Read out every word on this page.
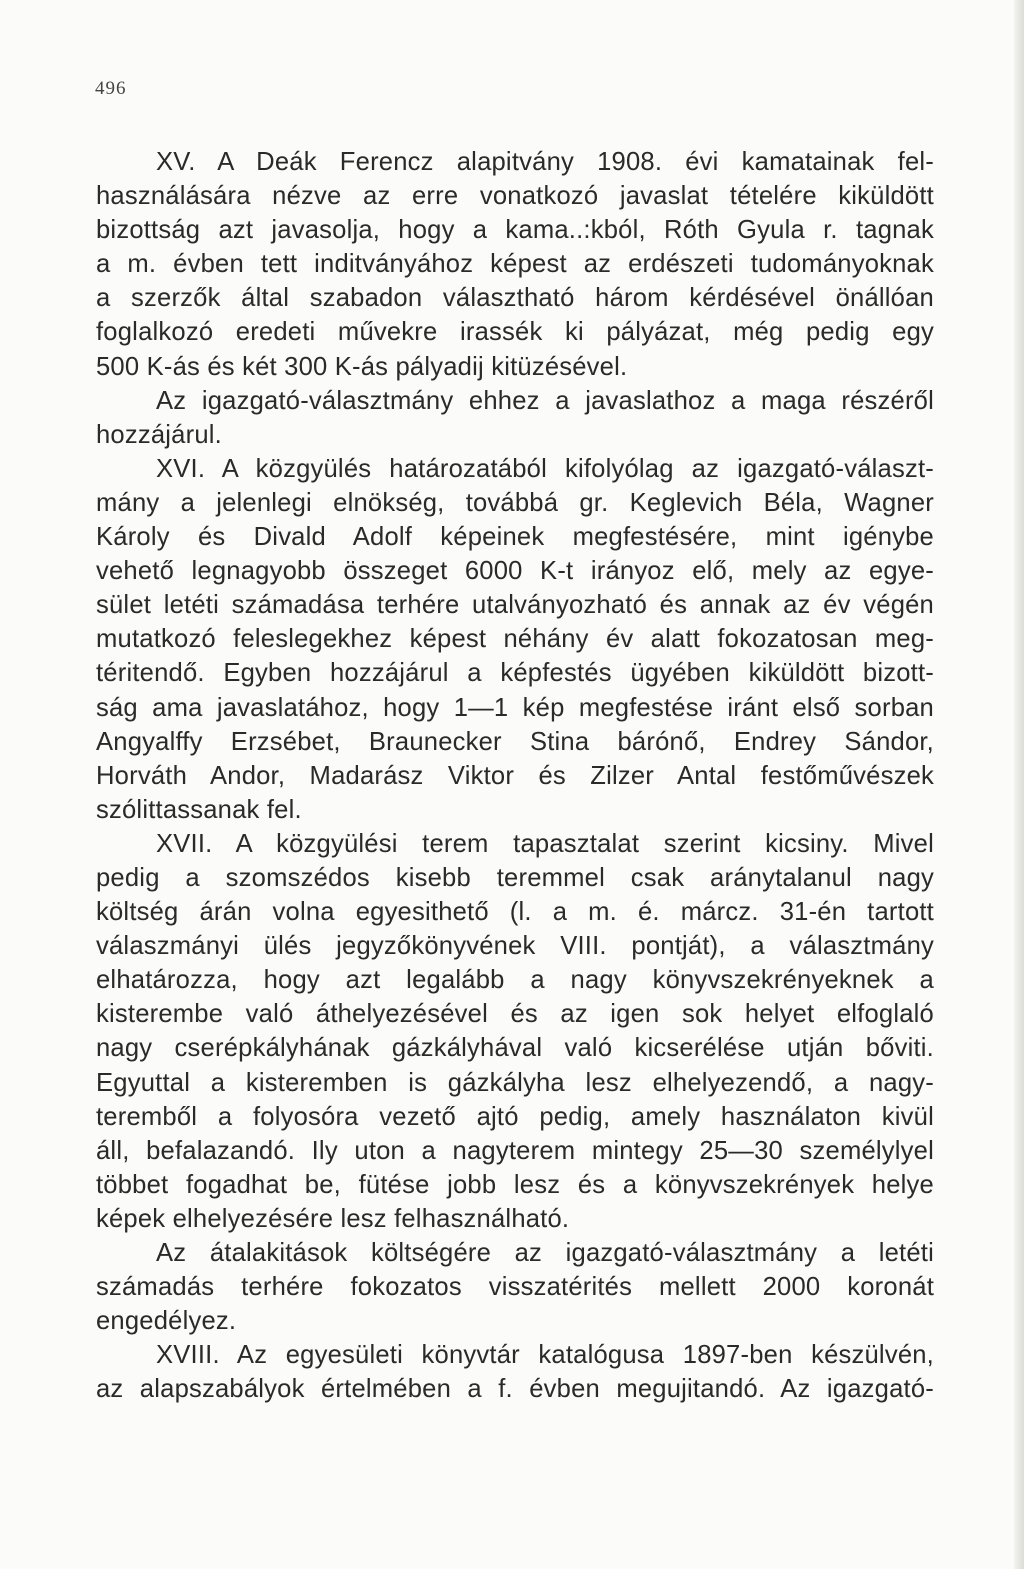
496
XV. A Deák Ferencz alapitvány 1908. évi kamatainak fel-
használására nézve az erre vonatkozó javaslat tételére kiküldött
bizottság azt javasolja, hogy a kama..:kból, Róth Gyula r. tagnak
a m. évben tett inditványához képest az erdészeti tudományoknak
a szerzők által szabadon választható három kérdésével önállóan
foglalkozó eredeti művekre irassék ki pályázat, még pedig egy
500 K-ás és két 300 K-ás pályadij kitüzésével.
Az igazgató-választmány ehhez a javaslathoz a maga részéről
hozzájárul.
XVI. A közgyülés határozatából kifolyólag az igazgató-választ-
mány a jelenlegi elnökség, továbbá gr. Keglevich Béla, Wagner
Károly és Divald Adolf képeinek megfestésére, mint igénybe
vehető legnagyobb összeget 6000 K-t irányoz elő, mely az egye-
sület letéti számadása terhére utalványozható és annak az év végén
mutatkozó feleslegekhez képest néhány év alatt fokozatosan meg-
téritendő. Egyben hozzájárul a képfestés ügyében kiküldött bizott-
ság ama javaslatához, hogy 1—1 kép megfestése iránt első sorban
Angyalffy Erzsébet, Braunecker Stina bárónő, Endrey Sándor,
Horváth Andor, Madarász Viktor és Zilzer Antal festőművészek
szólittassanak fel.
XVII. A közgyülési terem tapasztalat szerint kicsiny. Mivel
pedig a szomszédos kisebb teremmel csak aránytalanul nagy
költség árán volna egyesithető (l. a m. é. márcz. 31-én tartott
válaszmányi ülés jegyzőkönyvének VIII. pontját), a választmány
elhatározza, hogy azt legalább a nagy könyvszekrényeknek a
kisterembe való áthelyezésével és az igen sok helyet elfoglaló
nagy cserépkályhának gázkályhával való kicserélése utján bőviti.
Egyuttal a kisteremben is gázkályha lesz elhelyezendő, a nagy-
teremből a folyosóra vezető ajtó pedig, amely használaton kivül
áll, befalazandó. Ily uton a nagyterem mintegy 25—30 személylyel
többet fogadhat be, fütése jobb lesz és a könyvszekrények helye
képek elhelyezésére lesz felhasználható.
Az átalakitások költségére az igazgató-választmány a letéti
számadás terhére fokozatos visszatérités mellett 2000 koronát
engedélyez.
XVIII. Az egyesületi könyvtár katalógusa 1897-ben készülvén,
az alapszabályok értelmében a f. évben megujitandó. Az igazgató-
